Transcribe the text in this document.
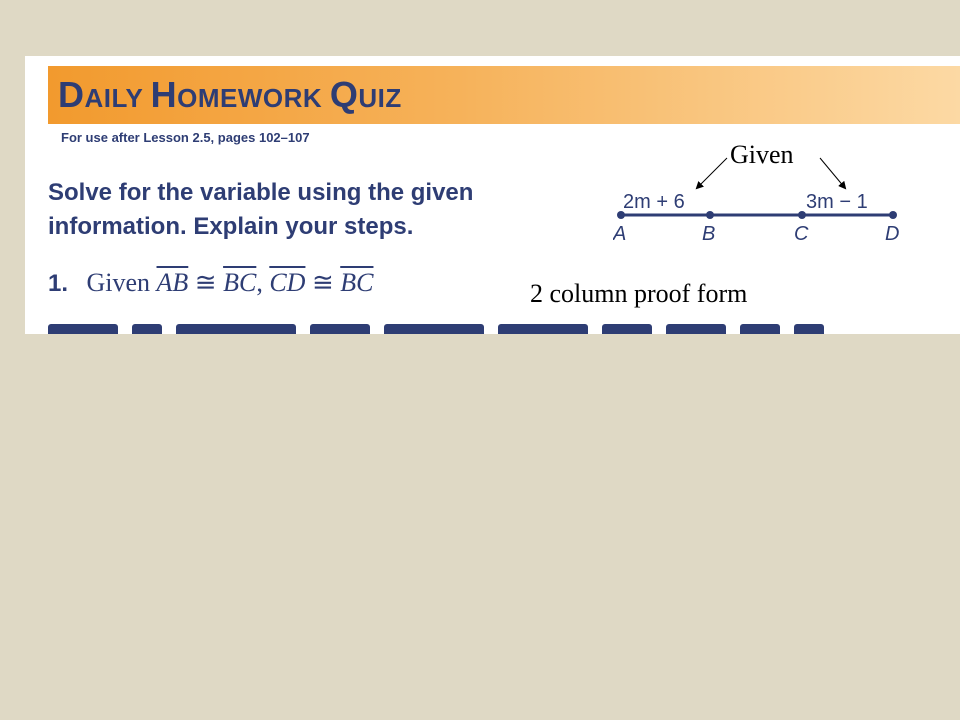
DAILY HOMEWORK QUIZ
For use after Lesson 2.5, pages 102–107
Solve for the variable using the given information. Explain your steps.
1. Given $\overline{AB}$ ≅ $\overline{BC}$, $\overline{CD}$ ≅ $\overline{BC}$
2m + 6	3m − 1
A	B	C	D
Given
2 column proof form
